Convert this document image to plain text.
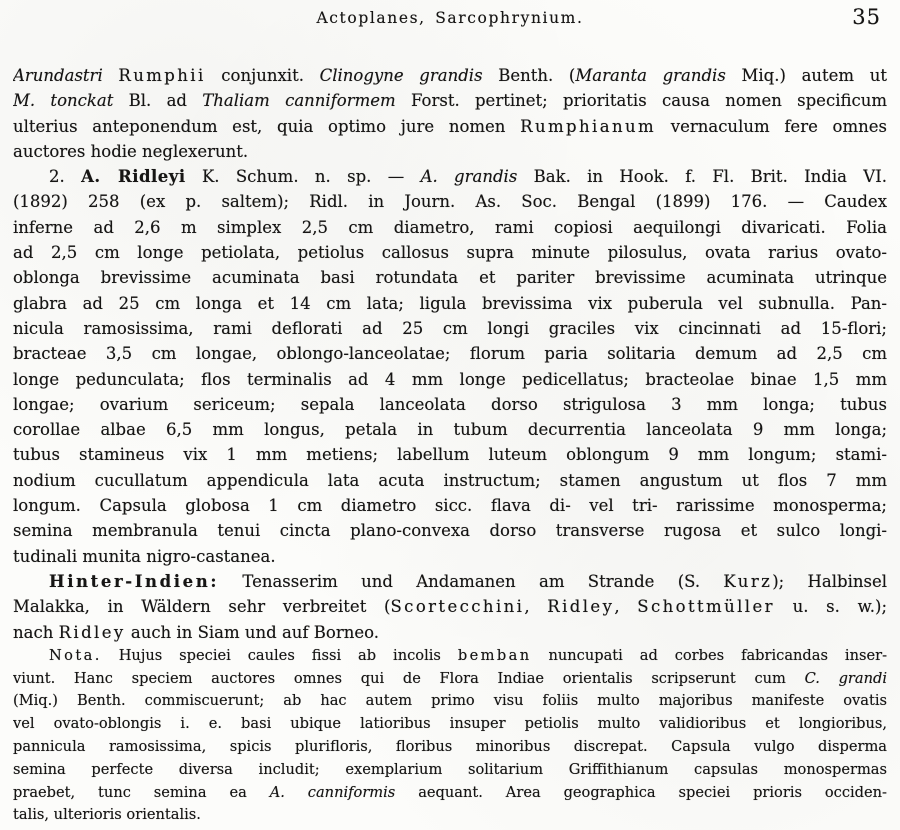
Actoplanes, Sarcophrynium.	35
Arundastri Rumphii conjunxit. Clinogyne grandis Benth. (Maranta grandis Miq.) autem ut
M. tonckat Bl. ad Thaliam canniformem Forst. pertinet; prioritatis causa nomen specificum
ulterius anteponendum est, quia optimo jure nomen Rumphianum vernaculum fere omnes
auctores hodie neglexerunt.
2. A. Ridleyi K. Schum. n. sp. — A. grandis Bak. in Hook. f. Fl. Brit. India VI.
(1892) 258 (ex p. saltem); Ridl. in Journ. As. Soc. Bengal (1899) 176. — Caudex
inferne ad 2,6 m simplex 2,5 cm diametro, rami copiosi aequilongi divaricati. Folia
ad 2,5 cm longe petiolata, petiolus callosus supra minute pilosulus, ovata rarius ovato-
oblonga brevissime acuminata basi rotundata et pariter brevissime acuminata utrinque
glabra ad 25 cm longa et 14 cm lata; ligula brevissima vix puberula vel subnulla. Pan-
nicula ramosissima, rami deflorati ad 25 cm longi graciles vix cincinnati ad 15-flori;
bracteae 3,5 cm longae, oblongo-lanceolatae; florum paria solitaria demum ad 2,5 cm
longe pedunculata; flos terminalis ad 4 mm longe pedicellatus; bracteolae binae 1,5 mm
longae; ovarium sericeum; sepala lanceolata dorso strigulosa 3 mm longa; tubus
corollae albae 6,5 mm longus, petala in tubum decurrentia lanceolata 9 mm longa;
tubus stamineus vix 1 mm metiens; labellum luteum oblongum 9 mm longum; stami-
nodium cucullatum appendicula lata acuta instructum; stamen angustum ut flos 7 mm
longum. Capsula globosa 1 cm diametro sicc. flava di- vel tri- rarissime monosperma;
semina membranula tenui cincta plano-convexa dorso transverse rugosa et sulco longi-
tudinali munita nigro-castanea.
Hinter-Indien: Tenasserim und Andamanen am Strande (S. Kurz); Halbinsel
Malakka, in Wäldern sehr verbreitet (Scortecchini, Ridley, Schottmüller u. s. w.);
nach Ridley auch in Siam und auf Borneo.
Nota. Hujus speciei caules fissi ab incolis bemban nuncupati ad corbes fabricandas inser-
viunt. Hanc speciem auctores omnes qui de Flora Indiae orientalis scripserunt cum C. grandi
(Miq.) Benth. commiscuerunt; ab hac autem primo visu foliis multo majoribus manifeste ovatis
vel ovato-oblongis i. e. basi ubique latioribus insuper petiolis multo validioribus et longioribus,
pannicula ramosissima, spicis plurifloris, floribus minoribus discrepat. Capsula vulgo disperma
semina perfecte diversa includit; exemplarium solitarium Griffithianum capsulas monospermas
praebet, tunc semina ea A. canniformis aequant. Area geographica speciei prioris occiden-
talis, ulterioris orientalis.
